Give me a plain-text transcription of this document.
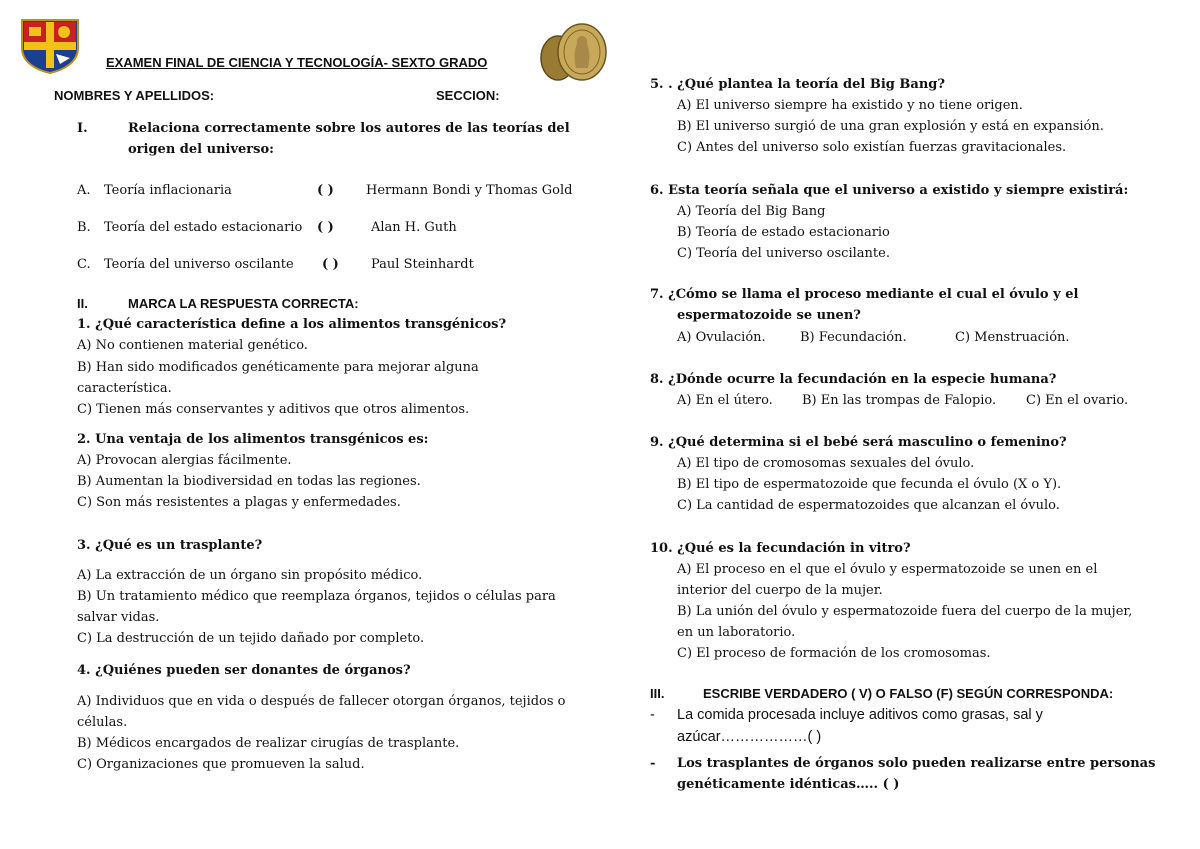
EXAMEN FINAL DE CIENCIA Y TECNOLOGÍA- SEXTO GRADO
NOMBRES Y APELLIDOS:	SECCION:
I.	Relaciona correctamente sobre los autores de las teorías del
origen del universo:
A. Teoría inflacionaria	( ) Hermann Bondi y Thomas Gold
B. Teoría del estado estacionario ( )	Alan H. Guth
C. Teoría del universo oscilante ( ) Paul Steinhardt
II.	MARCA LA RESPUESTA CORRECTA:
1. ¿Qué característica define a los alimentos transgénicos?
A) No contienen material genético.
B) Han sido modificados genéticamente para mejorar alguna
característica.
C) Tienen más conservantes y aditivos que otros alimentos.
2. Una ventaja de los alimentos transgénicos es:
A) Provocan alergias fácilmente.
B) Aumentan la biodiversidad en todas las regiones.
C) Son más resistentes a plagas y enfermedades.
3. ¿Qué es un trasplante?
A) La extracción de un órgano sin propósito médico.
B) Un tratamiento médico que reemplaza órganos, tejidos o células para
salvar vidas.
C) La destrucción de un tejido dañado por completo.
4. ¿Quiénes pueden ser donantes de órganos?
A) Individuos que en vida o después de fallecer otorgan órganos, tejidos o
células.
B) Médicos encargados de realizar cirugías de trasplante.
C) Organizaciones que promueven la salud.
5. . ¿Qué plantea la teoría del Big Bang?
A) El universo siempre ha existido y no tiene origen.
B) El universo surgió de una gran explosión y está en expansión.
C) Antes del universo solo existían fuerzas gravitacionales.
6. Esta teoría señala que el universo a existido y siempre existirá:
A) Teoría del Big Bang
B) Teoría de estado estacionario
C) Teoría del universo oscilante.
7. ¿Cómo se llama el proceso mediante el cual el óvulo y el
espermatozoide se unen?
A) Ovulación.	B) Fecundación.	C) Menstruación.
8. ¿Dónde ocurre la fecundación en la especie humana?
A) En el útero. B) En las trompas de Falopio. C) En el ovario.
9. ¿Qué determina si el bebé será masculino o femenino?
A) El tipo de cromosomas sexuales del óvulo.
B) El tipo de espermatozoide que fecunda el óvulo (X o Y).
C) La cantidad de espermatozoides que alcanzan el óvulo.
10. ¿Qué es la fecundación in vitro?
A) El proceso en el que el óvulo y espermatozoide se unen en el
interior del cuerpo de la mujer.
B) La unión del óvulo y espermatozoide fuera del cuerpo de la mujer,
en un laboratorio.
C) El proceso de formación de los cromosomas.
III.	ESCRIBE VERDADERO ( V) O FALSO (F) SEGÚN CORRESPONDA:
- La comida procesada incluye aditivos como grasas, sal y
azúcar………………( )
- Los trasplantes de órganos solo pueden realizarse entre personas
genéticamente idénticas….. ( )
